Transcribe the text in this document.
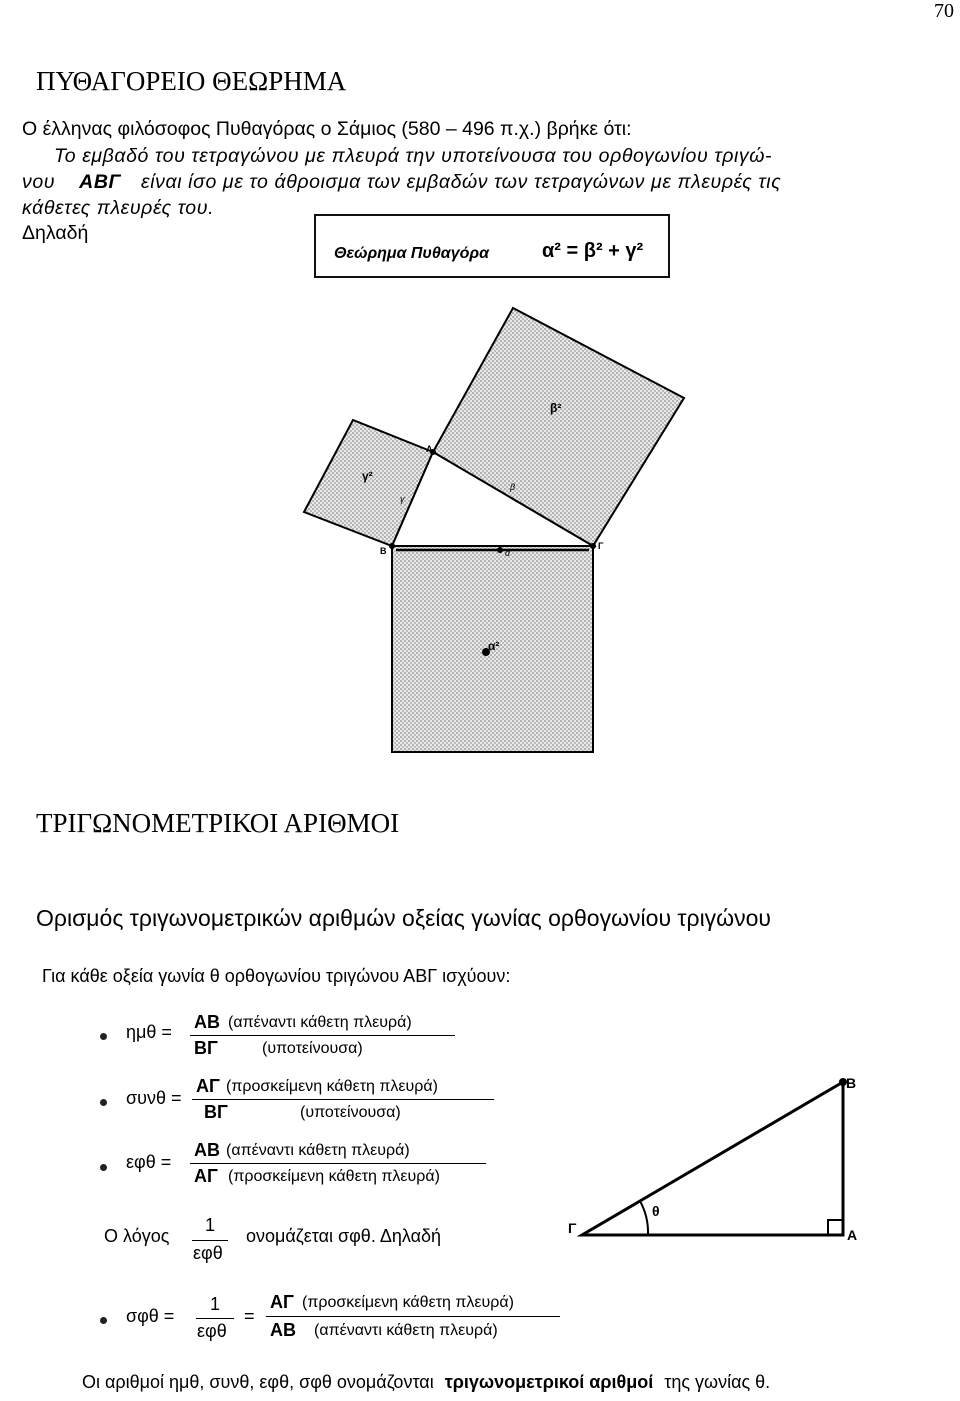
70
ΠΥΘΑΓΟΡΕΙΟ ΘΕΩΡΗΜΑ
Ο έλληνας φιλόσοφος Πυθαγόρας ο Σάμιος (580 – 496 π.χ.) βρήκε ότι:
Το εμβαδό του τετραγώνου με πλευρά την υποτείνουσα του ορθογωνίου τριγώ-
νου ΑΒΓ είναι ίσο με το άθροισμα των εμβαδών των τετραγώνων με πλευρές τις
κάθετες πλευρές του.
Δηλαδή
Θεώρημα Πυθαγόρα	α² = β² + γ²
Α
Β	Γ
α
β
γ
α²
β²
γ²
ΤΡΙΓΩΝΟΜΕΤΡΙΚΟΙ ΑΡΙΘΜΟΙ
Ορισμός τριγωνομετρικών αριθμών οξείας γωνίας ορθογωνίου τριγώνου
Για κάθε οξεία γωνία θ ορθογωνίου τριγώνου ΑΒΓ ισχύουν:
ημθ = ΑΒ (απέναντι κάθετη πλευρά)
ΒΓ	(υποτείνουσα)
συνθ =
ΑΓ (προσκείμενη κάθετη πλευρά)
ΒΓ	(υποτείνουσα)
εφθ =
ΑΒ (απέναντι κάθετη πλευρά)
ΑΓ (προσκείμενη κάθετη πλευρά)
Ο λόγος
1
εφθ
ονομάζεται σφθ. Δηλαδή
σφθ =
1
εφθ
=
ΑΓ (προσκείμενη κάθετη πλευρά)
ΑΒ (απέναντι κάθετη πλευρά)
Οι αριθμοί ημθ, συνθ, εφθ, σφθ ονομάζονται τριγωνομετρικοί αριθμοί της γωνίας θ.
Β
Γ	Α
θ
